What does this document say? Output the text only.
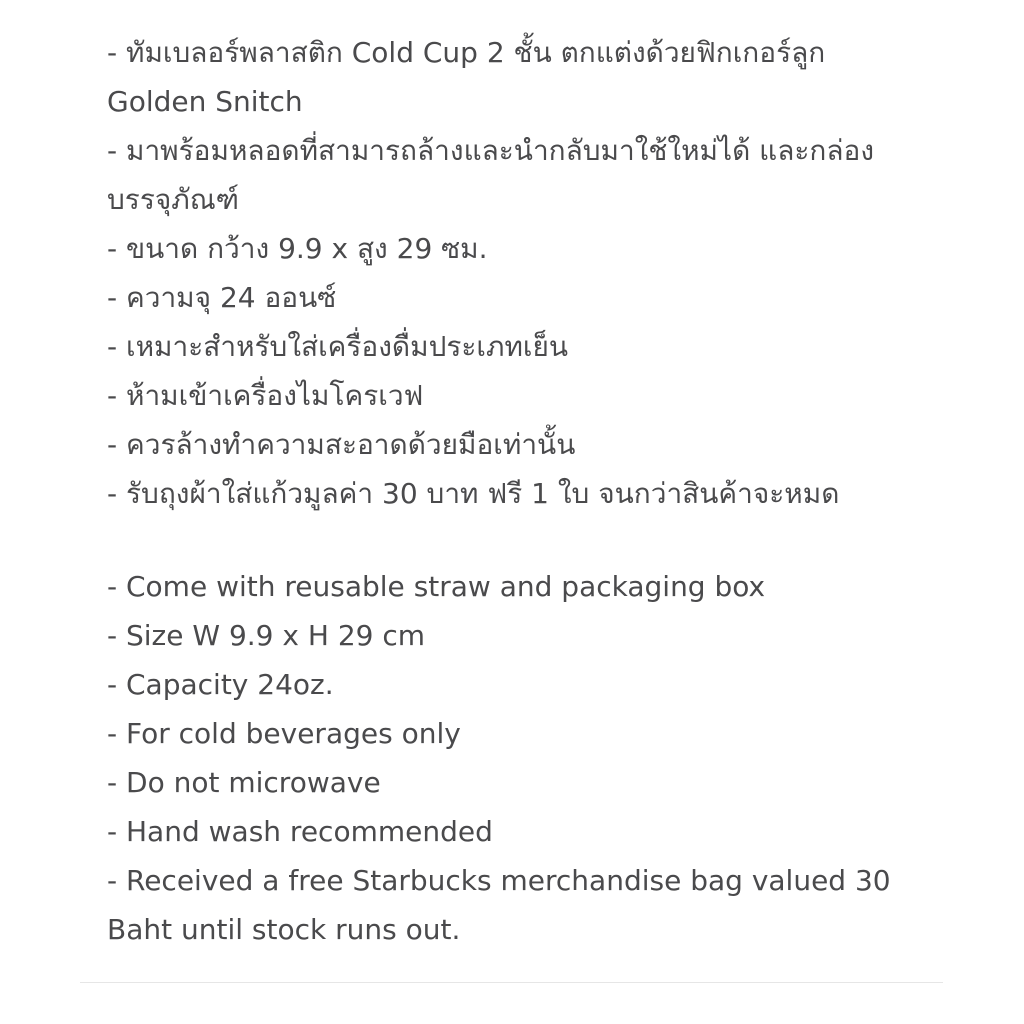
- ทัมเบลอร์พลาสติก Cold Cup 2 ชั้น ตกแต่งด้วยฟิกเกอร์ลูก
Golden Snitch
- มาพร้อมหลอดที่สามารถล้างและนำกลับมาใช้ใหม่ได้ และกล่อง
บรรจุภัณฑ์
- ขนาด กว้าง 9.9 x สูง 29 ซม.
- ความจุ 24 ออนซ์
- เหมาะสำหรับใส่เครื่องดื่มประเภทเย็น
- ห้ามเข้าเครื่องไมโครเวฟ
- ควรล้างทำความสะอาดด้วยมือเท่านั้น
- รับถุงผ้าใส่แก้วมูลค่า 30 บาท ฟรี 1 ใบ จนกว่าสินค้าจะหมด
- Come with reusable straw and packaging box
- Size W 9.9 x H 29 cm
- Capacity 24oz.
- For cold beverages only
- Do not microwave
- Hand wash recommended
- Received a free Starbucks merchandise bag valued 30
Baht until stock runs out.
